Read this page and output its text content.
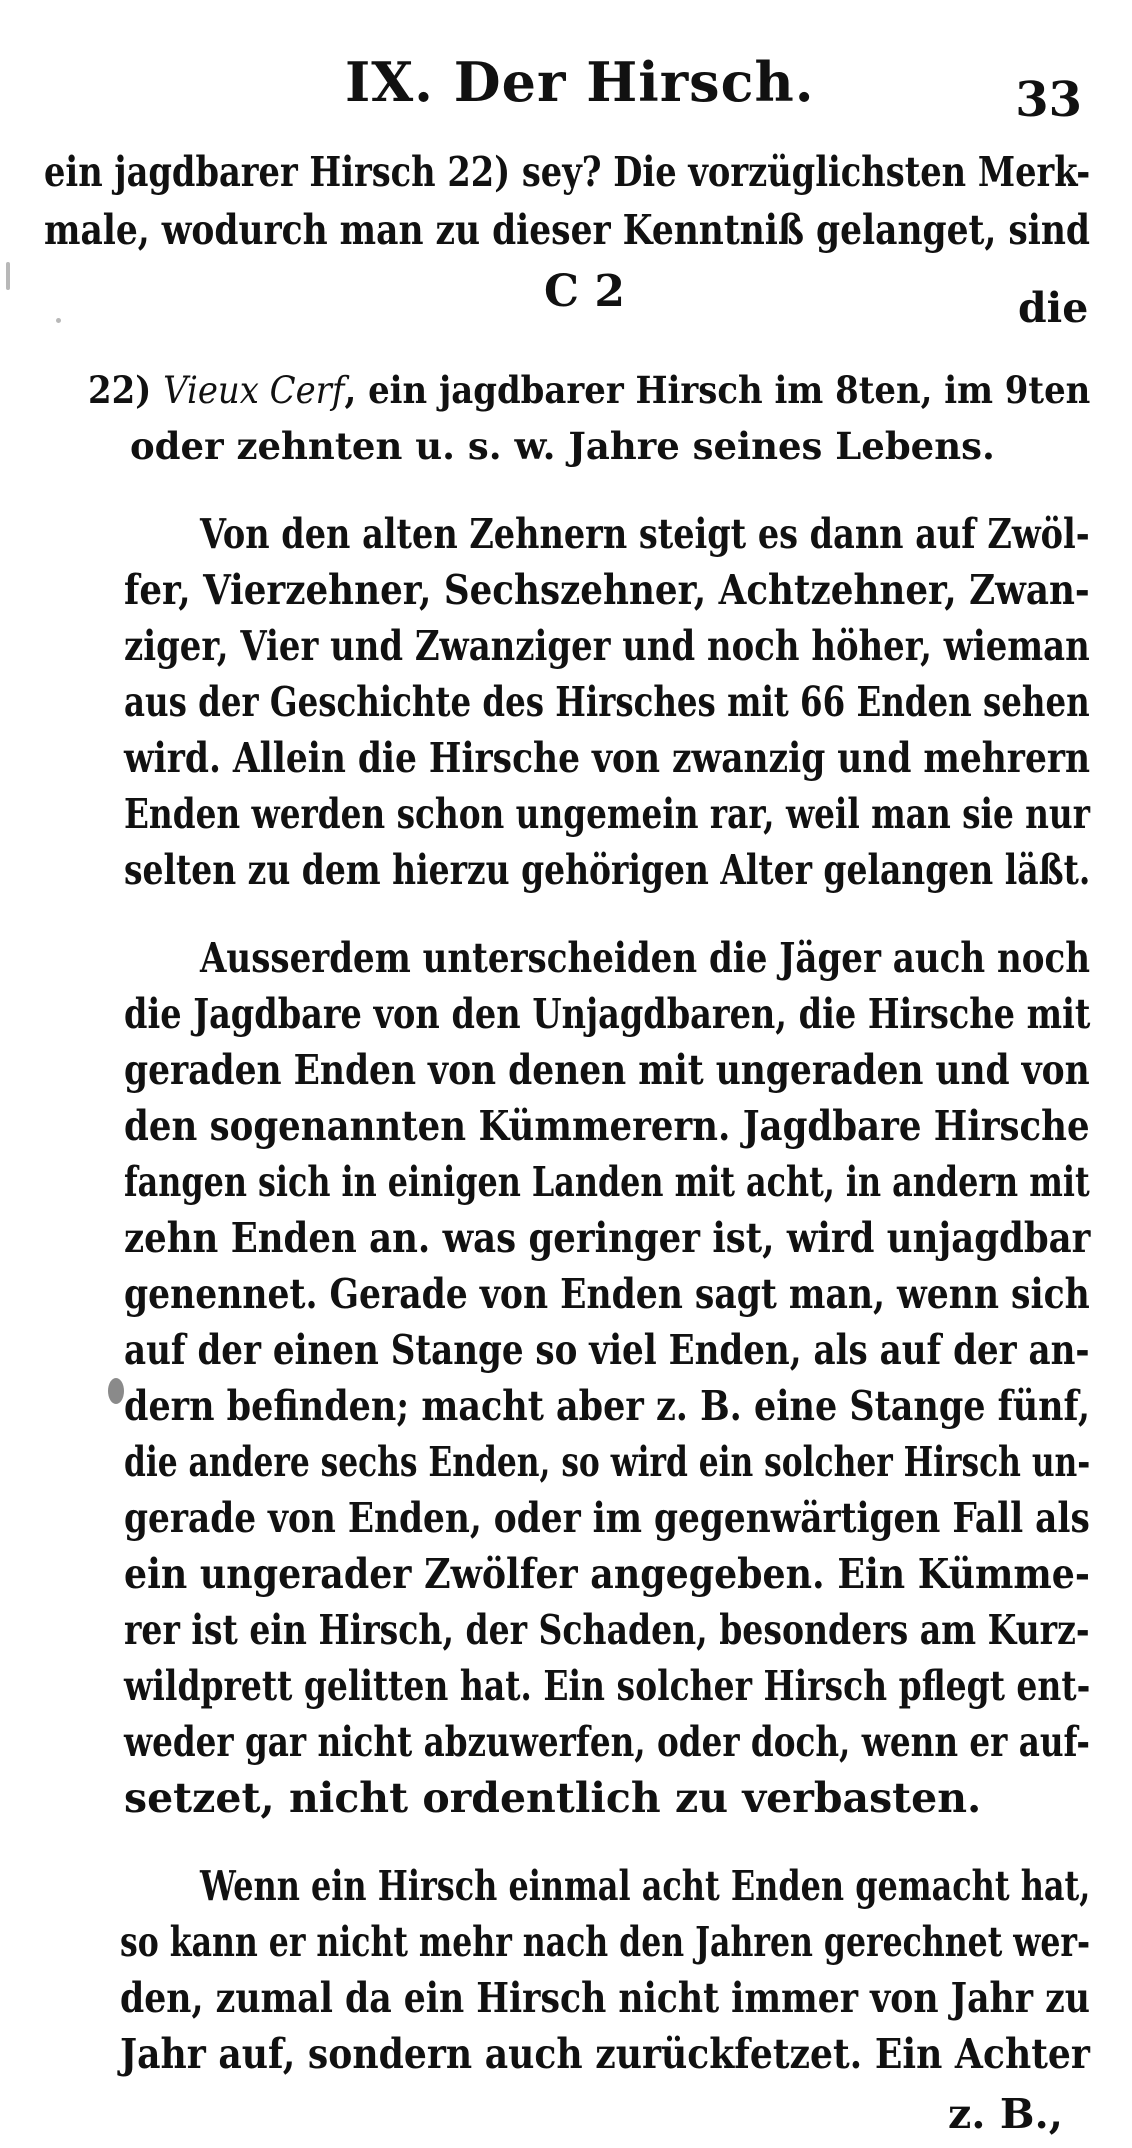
IX. Der Hirsch.	33
ein jagdbarer Hirsch 22) sey? Die vorzüglichsten Merk-
male, wodurch man zu dieser Kenntniß gelanget, sind
C 2	die
22) Vieux Cerf, ein jagdbarer Hirsch im 8ten, im 9ten
oder zehnten u. s. w. Jahre seines Lebens.
Von den alten Zehnern steigt es dann auf Zwöl-
fer, Vierzehner, Sechszehner, Achtzehner, Zwan-
ziger, Vier und Zwanziger und noch höher, wieman
aus der Geschichte des Hirsches mit 66 Enden sehen
wird. Allein die Hirsche von zwanzig und mehrern
Enden werden schon ungemein rar, weil man sie nur
selten zu dem hierzu gehörigen Alter gelangen läßt.
Ausserdem unterscheiden die Jäger auch noch
die Jagdbare von den Unjagdbaren, die Hirsche mit
geraden Enden von denen mit ungeraden und von
den sogenannten Kümmerern. Jagdbare Hirsche
fangen sich in einigen Landen mit acht, in andern mit
zehn Enden an. was geringer ist, wird unjagdbar
genennet. Gerade von Enden sagt man, wenn sich
auf der einen Stange so viel Enden, als auf der an-
dern befinden; macht aber z. B. eine Stange fünf,
die andere sechs Enden, so wird ein solcher Hirsch un-
gerade von Enden, oder im gegenwärtigen Fall als
ein ungerader Zwölfer angegeben. Ein Kümme-
rer ist ein Hirsch, der Schaden, besonders am Kurz-
wildprett gelitten hat. Ein solcher Hirsch pflegt ent-
weder gar nicht abzuwerfen, oder doch, wenn er auf-
setzet, nicht ordentlich zu verbasten.
Wenn ein Hirsch einmal acht Enden gemacht hat,
so kann er nicht mehr nach den Jahren gerechnet wer-
den, zumal da ein Hirsch nicht immer von Jahr zu
Jahr auf, sondern auch zurückfetzet. Ein Achter
z. B.,
